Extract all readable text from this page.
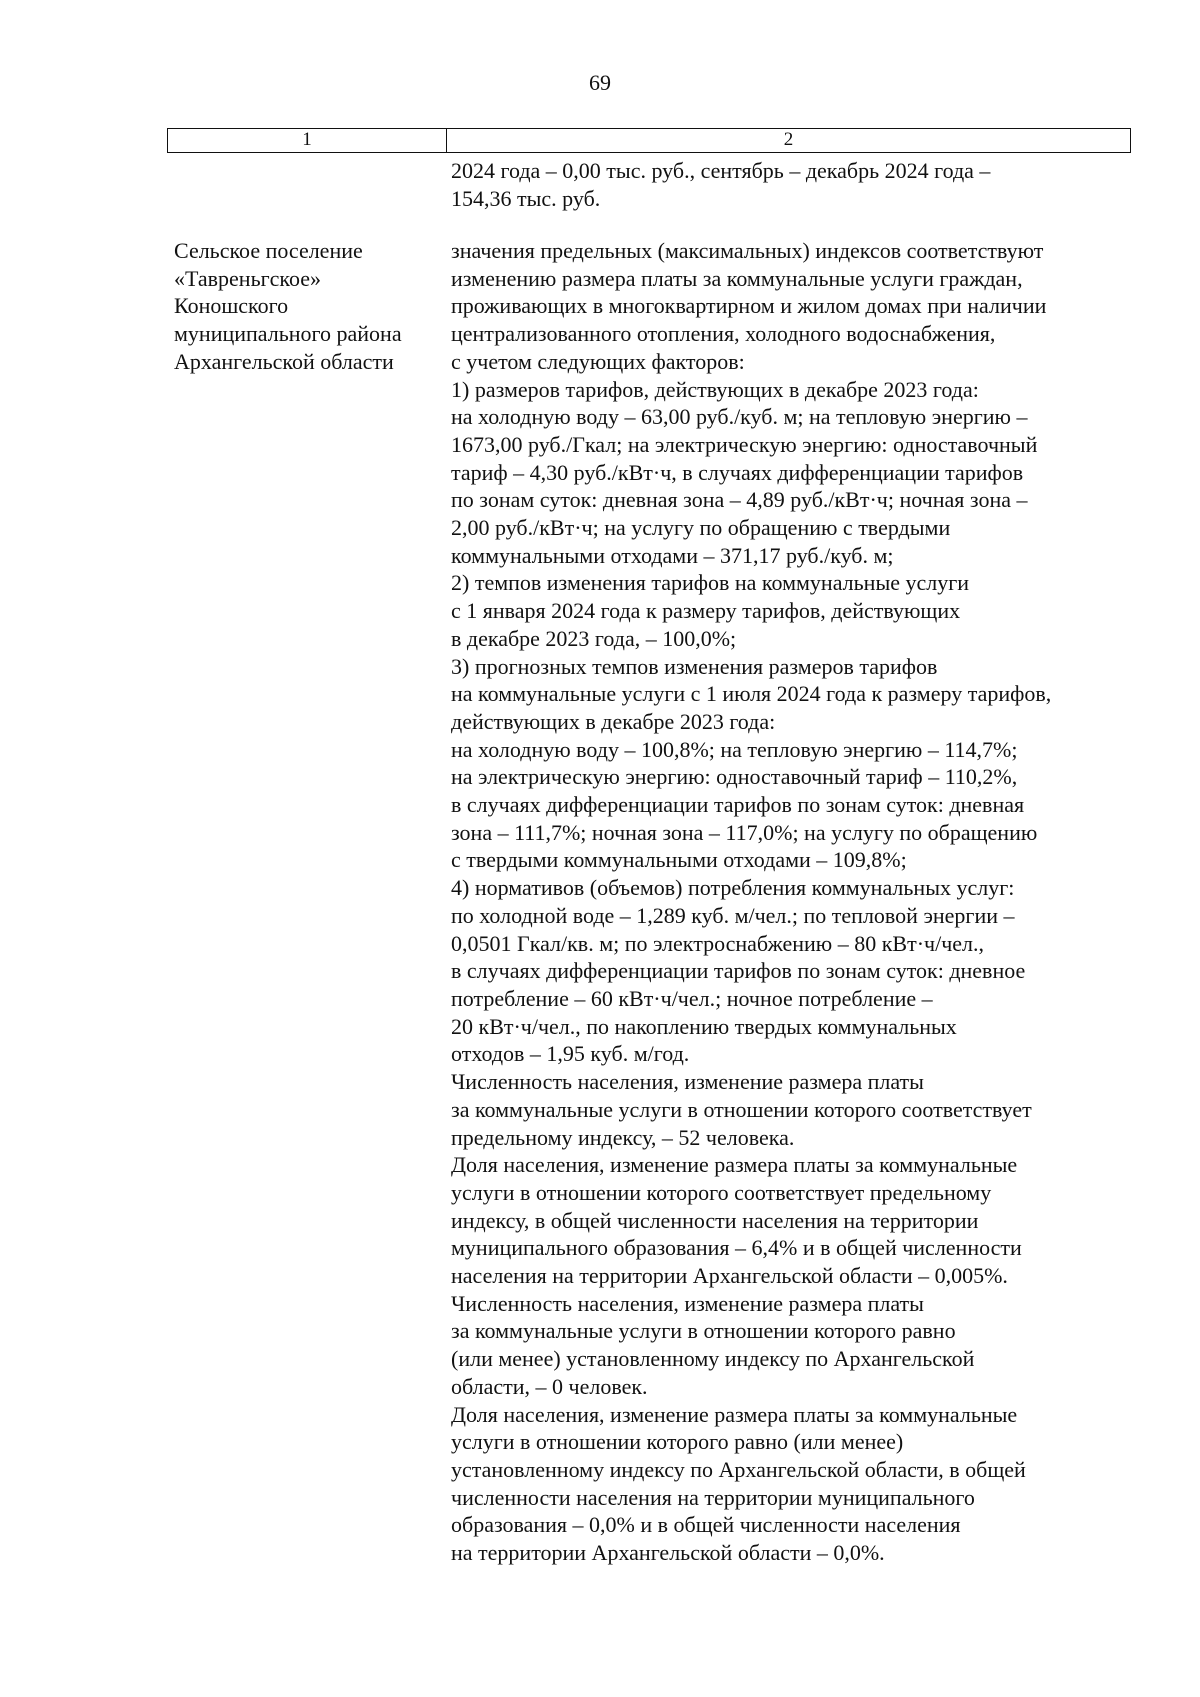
69
1	2
2024 года – 0,00 тыс. руб., сентябрь – декабрь 2024 года –
154,36 тыс. руб.
Сельское поселение
«Тавреньгское»
Коношского
муниципального района
Архангельской области
значения предельных (максимальных) индексов соответствуют
изменению размера платы за коммунальные услуги граждан,
проживающих в многоквартирном и жилом домах при наличии
централизованного отопления, холодного водоснабжения,
с учетом следующих факторов:
1) размеров тарифов, действующих в декабре 2023 года:
на холодную воду – 63,00 руб./куб. м; на тепловую энергию –
1673,00 руб./Гкал; на электрическую энергию: одноставочный
тариф – 4,30 руб./кВт·ч, в случаях дифференциации тарифов
по зонам суток: дневная зона – 4,89 руб./кВт·ч; ночная зона –
2,00 руб./кВт·ч; на услугу по обращению с твердыми
коммунальными отходами – 371,17 руб./куб. м;
2) темпов изменения тарифов на коммунальные услуги
с 1 января 2024 года к размеру тарифов, действующих
в декабре 2023 года, – 100,0%;
3) прогнозных темпов изменения размеров тарифов
на коммунальные услуги с 1 июля 2024 года к размеру тарифов,
действующих в декабре 2023 года:
на холодную воду – 100,8%; на тепловую энергию – 114,7%;
на электрическую энергию: одноставочный тариф – 110,2%,
в случаях дифференциации тарифов по зонам суток: дневная
зона – 111,7%; ночная зона – 117,0%; на услугу по обращению
с твердыми коммунальными отходами – 109,8%;
4) нормативов (объемов) потребления коммунальных услуг:
по холодной воде – 1,289 куб. м/чел.; по тепловой энергии –
0,0501 Гкал/кв. м; по электроснабжению – 80 кВт·ч/чел.,
в случаях дифференциации тарифов по зонам суток: дневное
потребление – 60 кВт·ч/чел.; ночное потребление –
20 кВт·ч/чел., по накоплению твердых коммунальных
отходов – 1,95 куб. м/год.
Численность населения, изменение размера платы
за коммунальные услуги в отношении которого соответствует
предельному индексу, – 52 человека.
Доля населения, изменение размера платы за коммунальные
услуги в отношении которого соответствует предельному
индексу, в общей численности населения на территории
муниципального образования – 6,4% и в общей численности
населения на территории Архангельской области – 0,005%.
Численность населения, изменение размера платы
за коммунальные услуги в отношении которого равно
(или менее) установленному индексу по Архангельской
области, – 0 человек.
Доля населения, изменение размера платы за коммунальные
услуги в отношении которого равно (или менее)
установленному индексу по Архангельской области, в общей
численности населения на территории муниципального
образования – 0,0% и в общей численности населения
на территории Архангельской области – 0,0%.
